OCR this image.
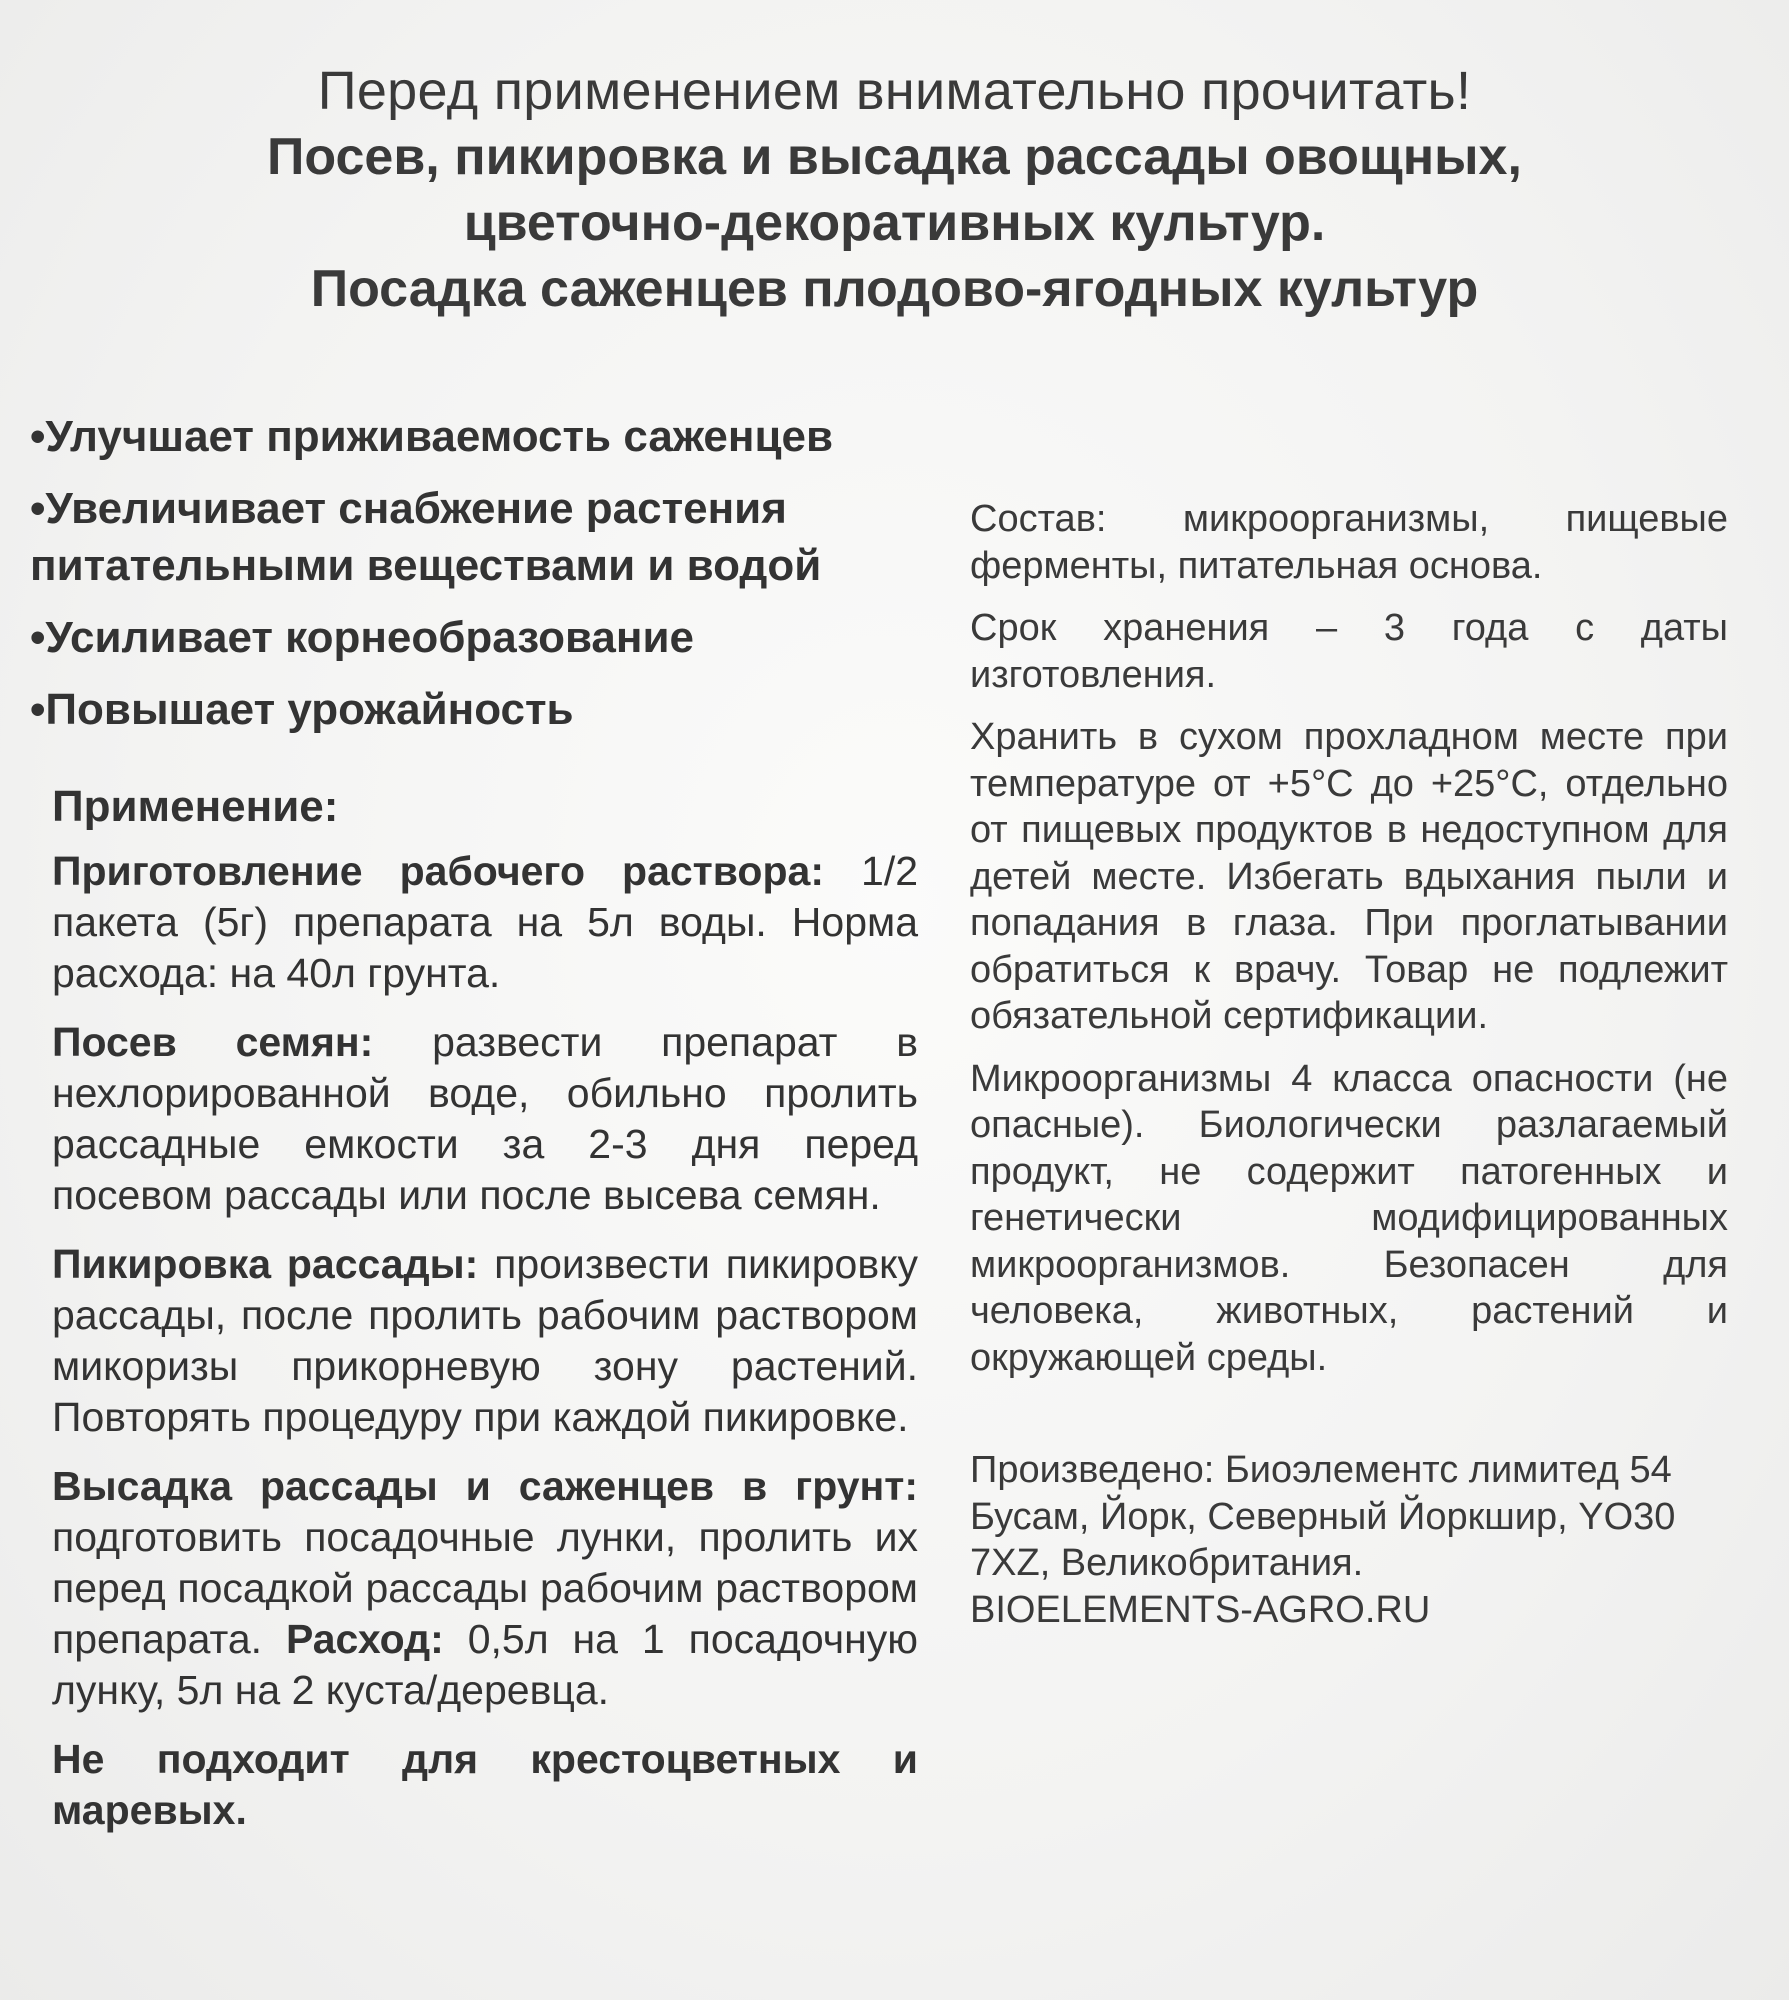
Перед применением внимательно прочитать!
Посев, пикировка и высадка рассады овощных,
цветочно-декоративных культур.
Посадка саженцев плодово-ягодных культур
•Улучшает приживаемость саженцев
•Увеличивает снабжение растения питательными веществами и водой
•Усиливает корнеобразование
•Повышает урожайность
Применение:
Приготовление рабочего раствора: 1/2 пакета (5г) препарата на 5л воды. Норма расхода: на 40л грунта.
Посев семян: развести препарат в нехлорированной воде, обильно пролить рассадные емкости за 2-3 дня перед посевом рассады или после высева семян.
Пикировка рассады: произвести пикировку рассады, после пролить рабочим раствором микоризы прикорневую зону растений. Повторять процедуру при каждой пикировке.
Высадка рассады и саженцев в грунт: подготовить посадочные лунки, пролить их перед посадкой рассады рабочим раствором препарата. Расход: 0,5л на 1 посадочную лунку, 5л на 2 куста/деревца.
Не подходит для крестоцветных и маревых.
Состав: микроорганизмы, пищевые ферменты, питательная основа.
Срок хранения – 3 года с даты изготовления.
Хранить в сухом прохладном месте при температуре от +5°С до +25°С, отдельно от пищевых продуктов в недоступном для детей месте. Избегать вдыхания пыли и попадания в глаза. При проглатывании обратиться к врачу. Товар не подлежит обязательной сертификации.
Микроорганизмы 4 класса опасности (не опасные). Биологически разлагаемый продукт, не содержит патогенных и генетически модифицированных микроорганизмов. Безопасен для человека, животных, растений и окружающей среды.
Произведено: Биоэлементс лимитед 54
Бусам, Йорк, Северный Йоркшир, YO30
7XZ, Великобритания.
BIOELEMENTS-AGRO.RU
